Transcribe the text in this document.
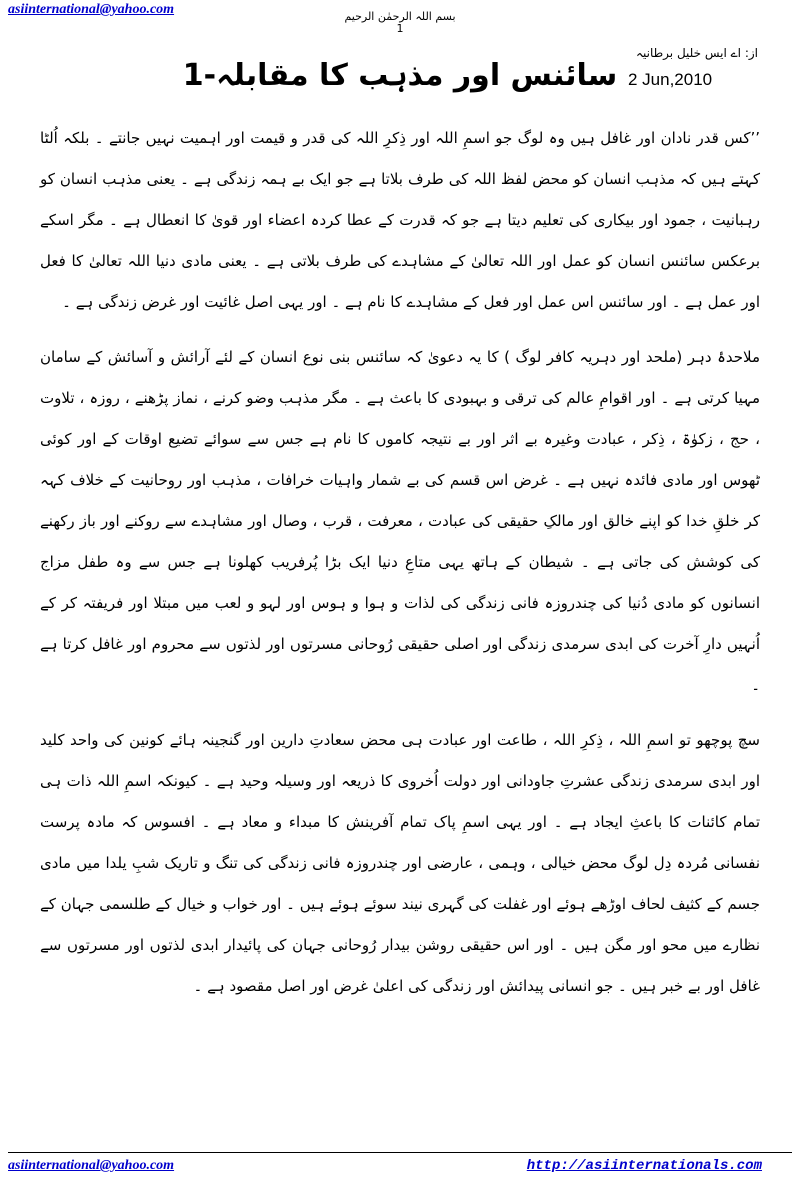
asiinternational@yahoo.com	بسم اللہ الرحمٰن الرحیم
1
از: اے ایس خلیل برطانیہ
2 Jun,2010
سائنس اور مذہب کا مقابلہ-1

’’کس قدر نادان اور غافل ہیں وہ لوگ جو اسمِ اللہ اور ذِکرِ اللہ کی قدر و قیمت اور اہمیت نہیں جانتے ۔ بلکہ اُلٹا کہتے ہیں کہ مذہب انسان کو محض لفظ اللہ کی طرف بلاتا ہے جو ایک بے ہمہ زندگی ہے ۔ یعنی مذہب انسان کو رہبانیت ، جمود اور بیکاری کی تعلیم دیتا ہے جو کہ قدرت کے عطا کردہ اعضاء اور قویٰ کا انعطال ہے ۔ مگر اسکے برعکس سائنس انسان کو عمل اور اللہ تعالیٰ کے مشاہدے کی طرف بلاتی ہے ۔ یعنی مادی دنیا اللہ تعالیٰ کا فعل اور عمل ہے ۔ اور سائنس اس عمل اور فعل کے مشاہدے کا نام ہے ۔ اور یہی اصل غائیت اور غرض زندگی ہے ۔

ملاحدۂ دہر (ملحد اور دہریہ کافر لوگ ) کا یہ دعویٰ کہ سائنس بنی نوع انسان کے لئے آرائش و آسائش کے سامان مہیا کرتی ہے ۔ اور اقوامِ عالم کی ترقی و بہبودی کا باعث ہے ۔ مگر مذہب وضو کرنے ، نماز پڑھنے ، روزہ ، تلاوت ، حج ، زکوٰۃ ، ذِکر ، عبادت وغیرہ بے اثر اور بے نتیجہ کاموں کا نام ہے جس سے سوائے تضیع اوقات کے اور کوئی ٹھوس اور مادی فائدہ نہیں ہے ۔ غرض اس قسم کی بے شمار واہیات خرافات ، مذہب اور روحانیت کے خلاف کہہ کر خلقِ خدا کو اپنے خالق اور مالکِ حقیقی کی عبادت ، معرفت ، قرب ، وصال اور مشاہدے سے روکنے اور باز رکھنے کی کوشش کی جاتی ہے ۔ شیطان کے ہاتھ یہی متاعِ دنیا ایک بڑا پُرفریب کھلونا ہے جس سے وہ طفل مزاج انسانوں کو مادی دُنیا کی چندروزہ فانی زندگی کی لذات و ہوا و ہوس اور لہو و لعب میں مبتلا اور فریفتہ کر کے اُنہیں دارِ آخرت کی ابدی سرمدی زندگی اور اصلی حقیقی رُوحانی مسرتوں اور لذتوں سے محروم اور غافل کرتا ہے ۔

سچ پوچھو تو اسمِ اللہ ، ذِکرِ اللہ ، طاعت اور عبادت ہی محض سعادتِ دارین اور گنجینہ ہائے کونین کی واحد کلید اور ابدی سرمدی زندگی عشرتِ جاودانی اور دولت اُخروی کا ذریعہ اور وسیلہ وحید ہے ۔ کیونکہ اسمِ اللہ ذات ہی تمام کائنات کا باعثِ ایجاد ہے ۔ اور یہی اسمِ پاک تمام آفرینش کا مبداء و معاد ہے ۔ افسوس کہ مادہ پرست نفسانی مُردہ دِل لوگ محض خیالی ، وہمی ، عارضی اور چندروزہ فانی زندگی کی تنگ و تاریک شبِ یلدا میں مادی جسم کے کثیف لحاف اوڑھے ہوئے اور غفلت کی گہری نیند سوئے ہوئے ہیں ۔ اور خواب و خیال کے طلسمی جہان کے نظارے میں محو اور مگن ہیں ۔ اور اس حقیقی روشن بیدار رُوحانی جہان کی پائیدار ابدی لذتوں اور مسرتوں سے غافل اور بے خبر ہیں ۔ جو انسانی پیدائش اور زندگی کی اعلیٰ غرض اور اصل مقصود ہے ۔

asiinternational@yahoo.com	http://asiinternationals.com
